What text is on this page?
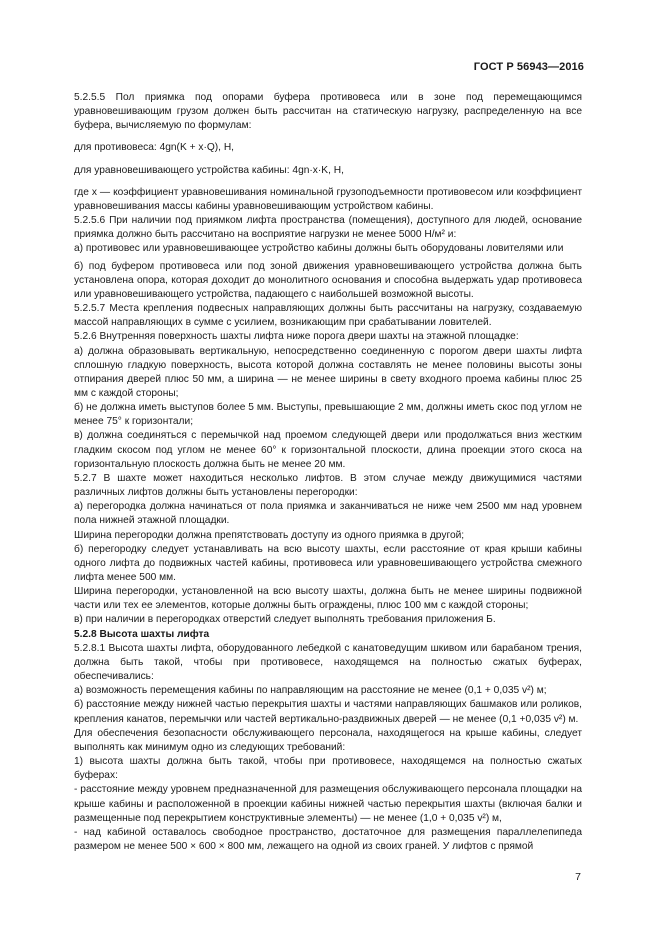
ГОСТ Р 56943—2016

5.2.5.5 Пол приямка под опорами буфера противовеса или в зоне под перемещающимся уравновешивающим грузом должен быть рассчитан на статическую нагрузку, распределенную на все буфера, вычисляемую по формулам:

для противовеса: 4gn(K + x·Q), Н,

для уравновешивающего устройства кабины: 4gn·x·K, Н,

где x — коэффициент уравновешивания номинальной грузоподъемности противовесом или коэффициент уравновешивания массы кабины уравновешивающим устройством кабины.

5.2.5.6 При наличии под приямком лифта пространства (помещения), доступного для людей, основание приямка должно быть рассчитано на восприятие нагрузки не менее 5000 Н/м² и:

а) противовес или уравновешивающее устройство кабины должны быть оборудованы ловителями или

б) под буфером противовеса или под зоной движения уравновешивающего устройства должна быть установлена опора, которая доходит до монолитного основания и способна выдержать удар противовеса или уравновешивающего устройства, падающего с наибольшей возможной высоты.

5.2.5.7 Места крепления подвесных направляющих должны быть рассчитаны на нагрузку, создаваемую массой направляющих в сумме с усилием, возникающим при срабатывании ловителей.

5.2.6 Внутренняя поверхность шахты лифта ниже порога двери шахты на этажной площадке:

а) должна образовывать вертикальную, непосредственно соединенную с порогом двери шахты лифта сплошную гладкую поверхность, высота которой должна составлять не менее половины высоты зоны отпирания дверей плюс 50 мм, а ширина — не менее ширины в свету входного проема кабины плюс 25 мм с каждой стороны;

б) не должна иметь выступов более 5 мм. Выступы, превышающие 2 мм, должны иметь скос под углом не менее 75° к горизонтали;

в) должна соединяться с перемычкой над проемом следующей двери или продолжаться вниз жестким гладким скосом под углом не менее 60° к горизонтальной плоскости, длина проекции этого скоса на горизонтальную плоскость должна быть не менее 20 мм.

5.2.7 В шахте может находиться несколько лифтов. В этом случае между движущимися частями различных лифтов должны быть установлены перегородки:

а) перегородка должна начинаться от пола приямка и заканчиваться не ниже чем 2500 мм над уровнем пола нижней этажной площадки.

Ширина перегородки должна препятствовать доступу из одного приямка в другой;

б) перегородку следует устанавливать на всю высоту шахты, если расстояние от края крыши кабины одного лифта до подвижных частей кабины, противовеса или уравновешивающего устройства смежного лифта менее 500 мм.

Ширина перегородки, установленной на всю высоту шахты, должна быть не менее ширины подвижной части или тех ее элементов, которые должны быть ограждены, плюс 100 мм с каждой стороны;

в) при наличии в перегородках отверстий следует выполнять требования приложения Б.

5.2.8 Высота шахты лифта

5.2.8.1 Высота шахты лифта, оборудованного лебедкой с канатоведущим шкивом или барабаном трения, должна быть такой, чтобы при противовесе, находящемся на полностью сжатых буферах, обеспечивались:

а) возможность перемещения кабины по направляющим на расстояние не менее (0,1 + 0,035 v²) м;

б) расстояние между нижней частью перекрытия шахты и частями направляющих башмаков или роликов, крепления канатов, перемычки или частей вертикально-раздвижных дверей — не менее (0,1 +0,035 v²) м.

Для обеспечения безопасности обслуживающего персонала, находящегося на крыше кабины, следует выполнять как минимум одно из следующих требований:

1) высота шахты должна быть такой, чтобы при противовесе, находящемся на полностью сжатых буферах:

- расстояние между уровнем предназначенной для размещения обслуживающего персонала площадки на крыше кабины и расположенной в проекции кабины нижней частью перекрытия шахты (включая балки и размещенные под перекрытием конструктивные элементы) — не менее (1,0 + 0,035 v²) м,

- над кабиной оставалось свободное пространство, достаточное для размещения параллелепипеда размером не менее 500 × 600 × 800 мм, лежащего на одной из своих граней. У лифтов с прямой

7
